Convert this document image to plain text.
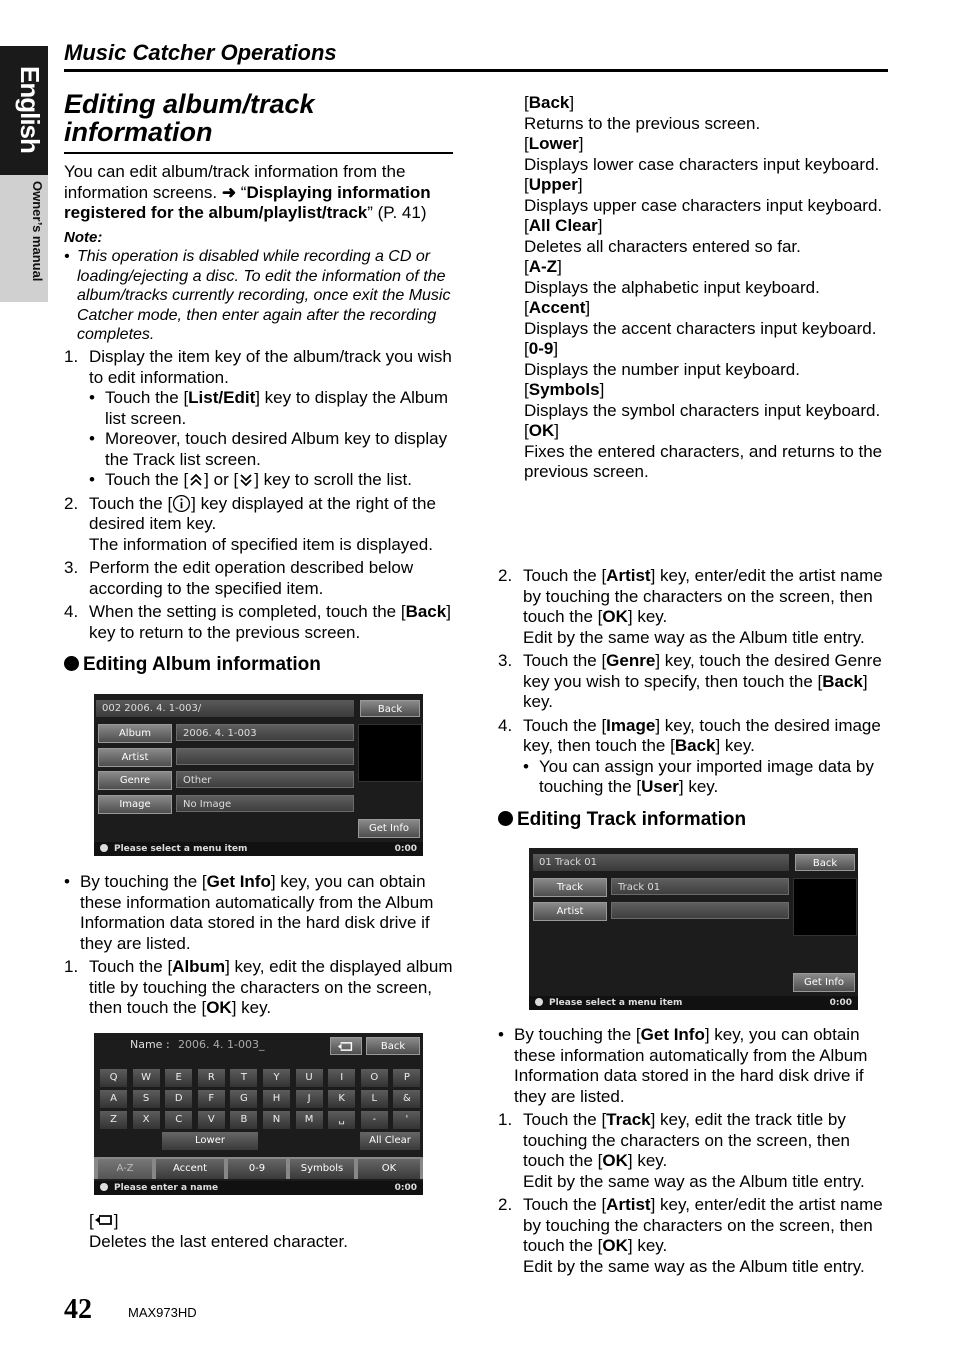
English
Owner’s manual
Music Catcher Operations
Editing album/track information
You can edit album/track information from the information screens. ➜ “Displaying information registered for the album/playlist/track” (P. 41)
Note:
• This operation is disabled while recording a CD or loading/ejecting a disc. To edit the information of the album/tracks currently recording, once exit the Music Catcher mode, then enter again after the recording completes.
1. Display the item key of the album/track you wish to edit information.
• Touch the [List/Edit] key to display the Album list screen.
• Moreover, touch desired Album key to display the Track list screen.
• Touch the [ ] or [ ] key to scroll the list.
2. Touch the [ ] key displayed at the right of the desired item key.
The information of specified item is displayed.
3. Perform the edit operation described below according to the specified item.
4. When the setting is completed, touch the [Back] key to return to the previous screen.
Editing Album information
002 2006. 4. 1-003/	Back
Album	2006. 4. 1-003
Artist
Genre	Other
Image	No Image
Get Info
Please select a menu item	0:00
• By touching the [Get Info] key, you can obtain these information automatically from the Album Information data stored in the hard disk drive if they are listed.
1. Touch the [Album] key, edit the displayed album title by touching the characters on the screen, then touch the [OK] key.
Name : 2006. 4. 1-003_	Back
Q	W	E	R	T	Y	U	I	O	P
A	S	D	F	G	H	J	K	L	&
Z	X	C	V	B	N	M	␣	-	'
Lower	All Clear
A-Z	Accent	0-9	Symbols	OK
Please enter a name	0:00
[ ]
Deletes the last entered character.
[Back]
Returns to the previous screen.
[Lower]
Displays lower case characters input keyboard.
[Upper]
Displays upper case characters input keyboard.
[All Clear]
Deletes all characters entered so far.
[A-Z]
Displays the alphabetic input keyboard.
[Accent]
Displays the accent characters input keyboard.
[0-9]
Displays the number input keyboard.
[Symbols]
Displays the symbol characters input keyboard.
[OK]
Fixes the entered characters, and returns to the previous screen.
2. Touch the [Artist] key, enter/edit the artist name by touching the characters on the screen, then touch the [OK] key.
Edit by the same way as the Album title entry.
3. Touch the [Genre] key, touch the desired Genre key you wish to specify, then touch the [Back] key.
4. Touch the [Image] key, touch the desired image key, then touch the [Back] key.
• You can assign your imported image data by touching the [User] key.
Editing Track information
01 Track 01	Back
Track	Track 01
Artist
Get Info
Please select a menu item	0:00
• By touching the [Get Info] key, you can obtain these information automatically from the Album Information data stored in the hard disk drive if they are listed.
1. Touch the [Track] key, edit the track title by touching the characters on the screen, then touch the [OK] key.
Edit by the same way as the Album title entry.
2. Touch the [Artist] key, enter/edit the artist name by touching the characters on the screen, then touch the [OK] key.
Edit by the same way as the Album title entry.
42	MAX973HD
